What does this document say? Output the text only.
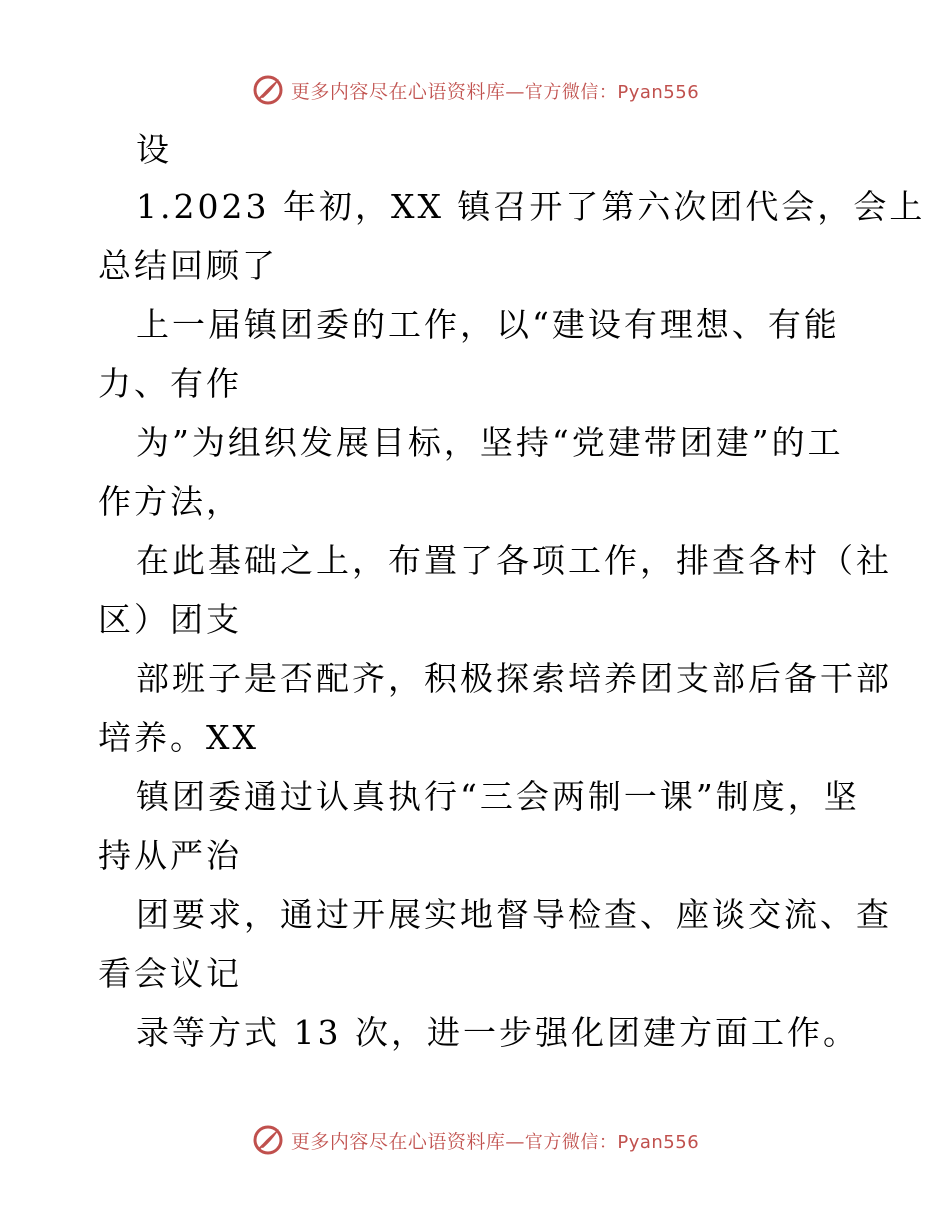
更多内容尽在心语资料库—官方微信：Pyan556
设
1.2023 年初，XX 镇召开了第六次团代会，会上
总结回顾了
上一届镇团委的工作，以“建设有理想、有能
力、有作
为”为组织发展目标，坚持“党建带团建”的工
作方法，
在此基础之上，布置了各项工作，排查各村（社
区）团支
部班子是否配齐，积极探索培养团支部后备干部
培养。XX
镇团委通过认真执行“三会两制一课”制度，坚
持从严治
团要求，通过开展实地督导检查、座谈交流、查
看会议记
录等方式 13 次，进一步强化团建方面工作。
更多内容尽在心语资料库—官方微信：Pyan556
